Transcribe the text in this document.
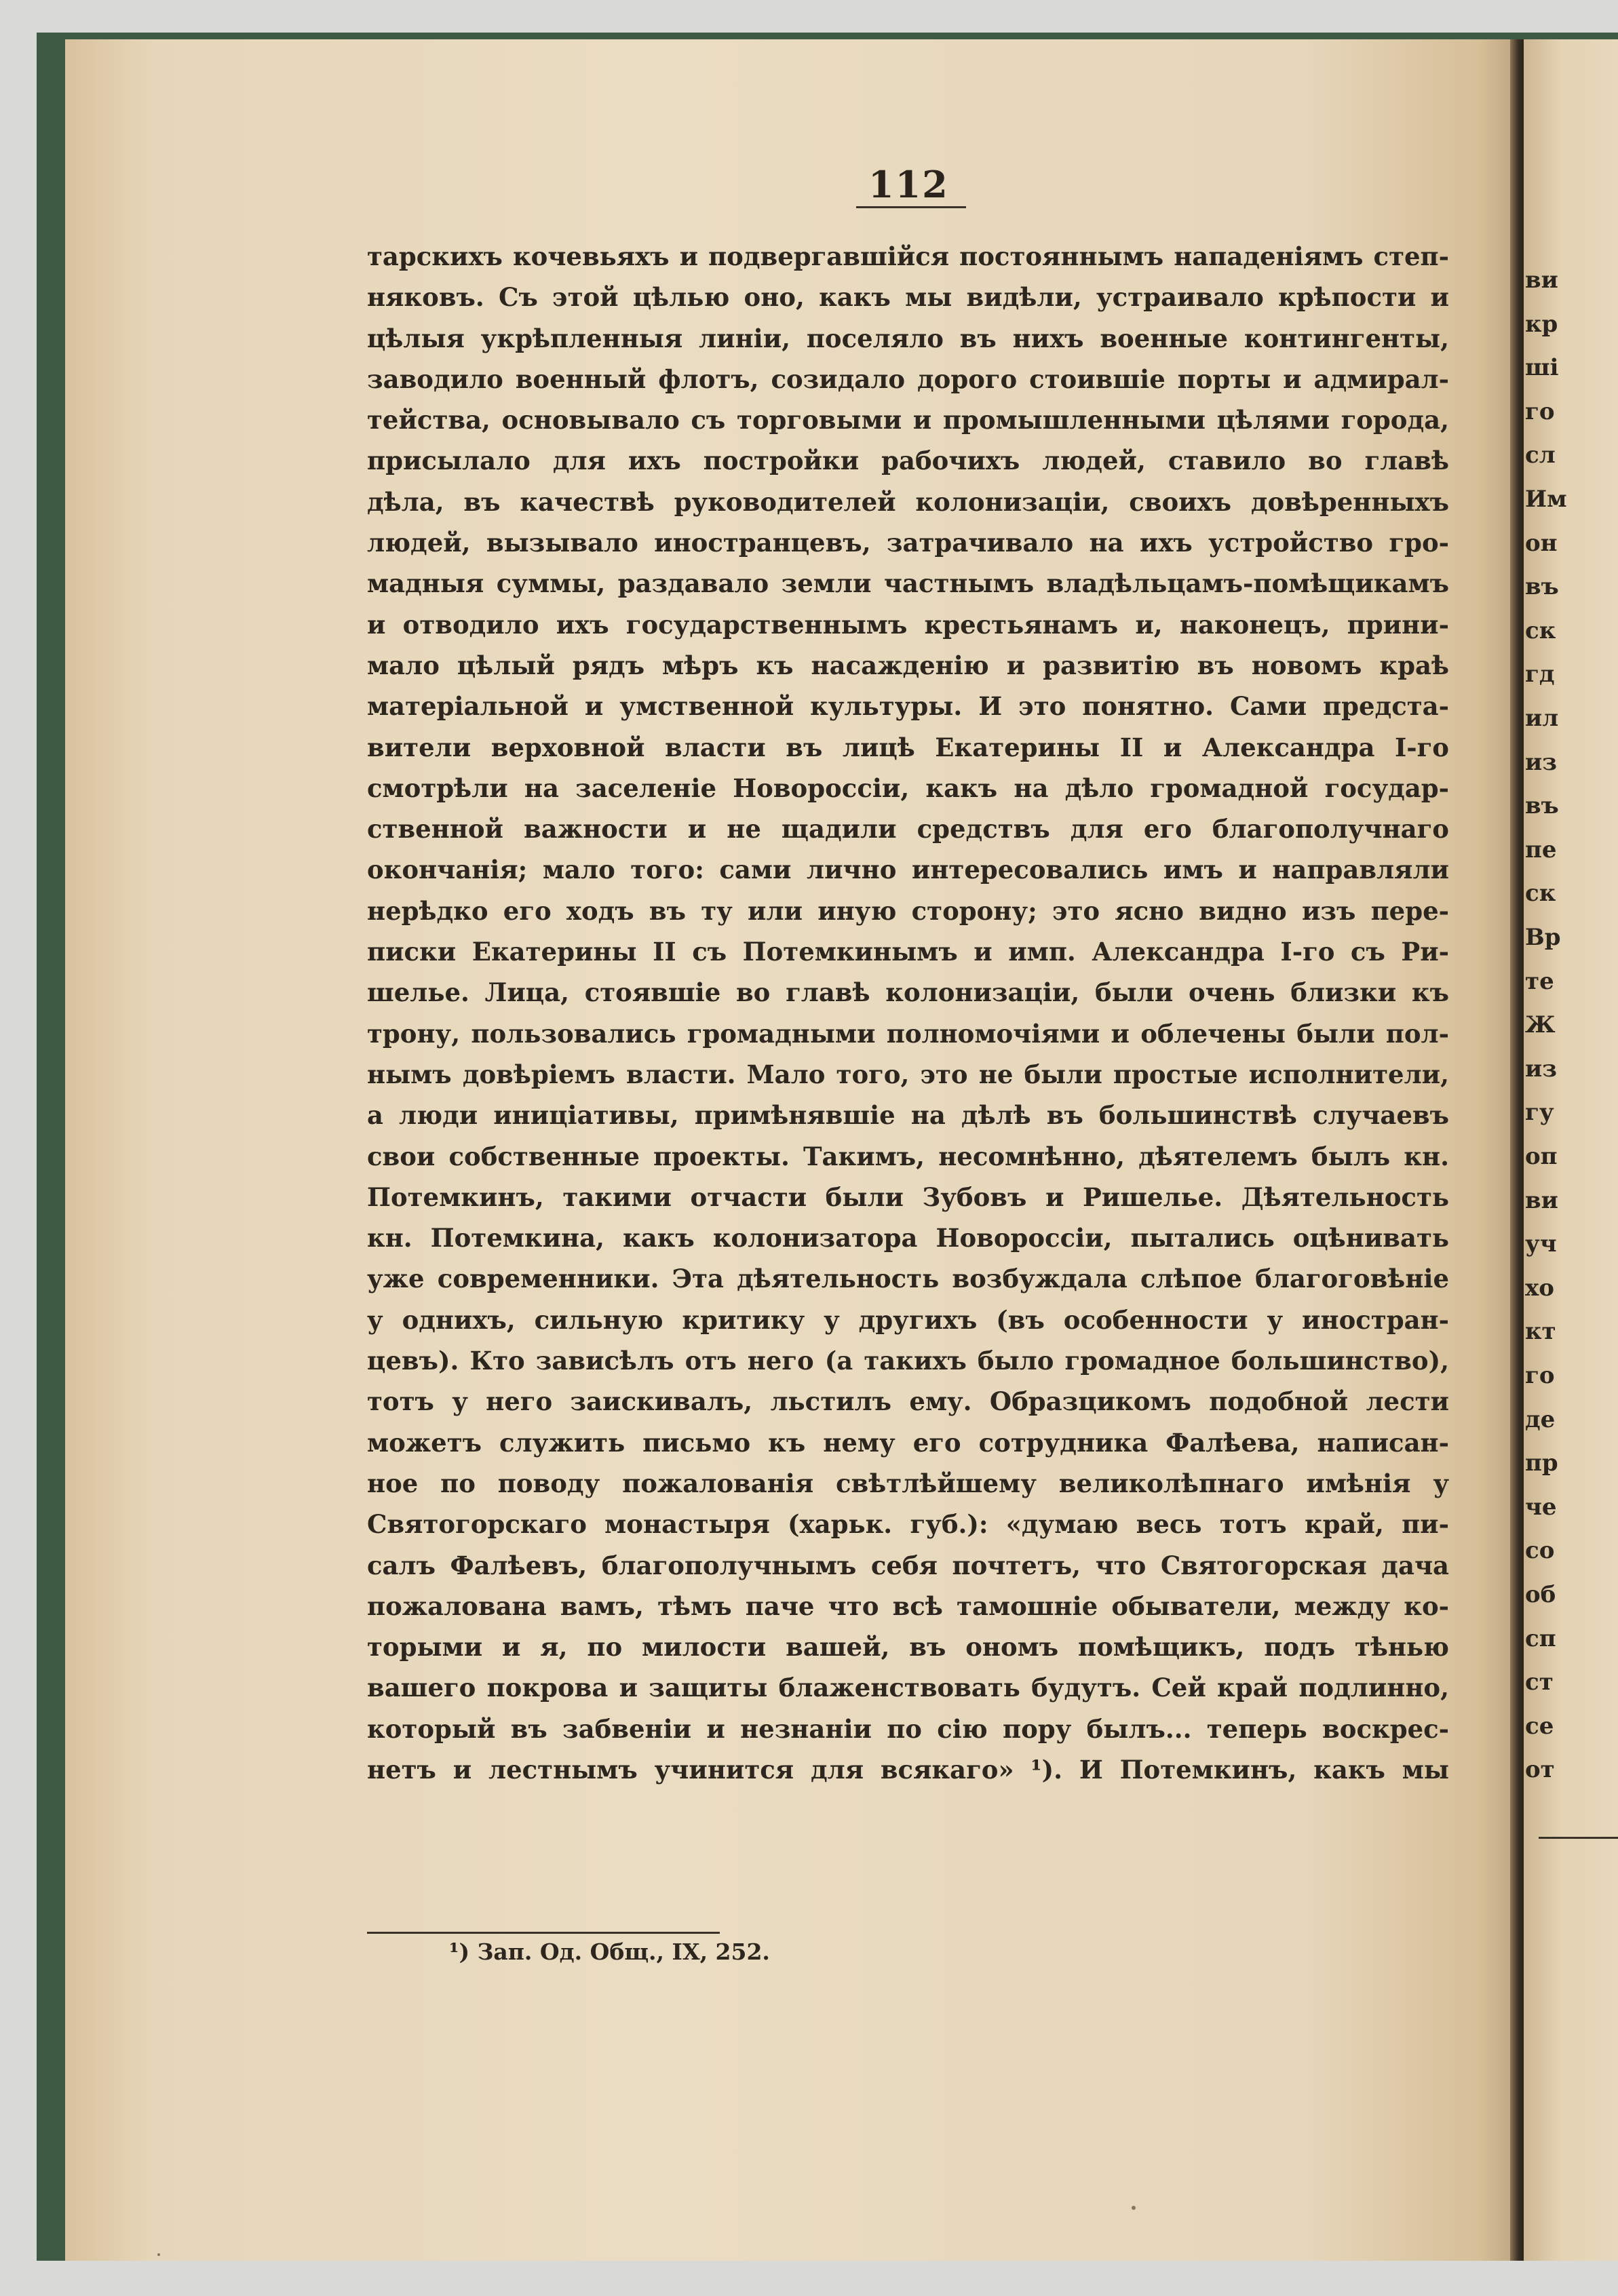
ви
кр
ші
го
сл
Им
он
въ
ск
гд
ил
из
въ
пе
ск
Вр
те
Ж
из
гу
оп
ви
уч
хо
кт
го
де
пр
че
со
об
сп
ст
се
от
112
тарскихъ кочевьяхъ и подвергавшійся постояннымъ нападеніямъ степ-
няковъ. Съ этой цѣлью оно, какъ мы видѣли, устраивало крѣпости и
цѣлыя укрѣпленныя линіи, поселяло въ нихъ военные контингенты,
заводило военный флотъ, созидало дорого стоившіе порты и адмирал-
тейства, основывало съ торговыми и промышленными цѣлями города,
присылало для ихъ постройки рабочихъ людей, ставило во главѣ
дѣла, въ качествѣ руководителей колонизаціи, своихъ довѣренныхъ
людей, вызывало иностранцевъ, затрачивало на ихъ устройство гро-
мадныя суммы, раздавало земли частнымъ владѣльцамъ-помѣщикамъ
и отводило ихъ государственнымъ крестьянамъ и, наконецъ, прини-
мало цѣлый рядъ мѣръ къ насажденію и развитію въ новомъ краѣ
матеріальной и умственной культуры. И это понятно. Сами предста-
вители верховной власти въ лицѣ Екатерины II и Александра I-го
смотрѣли на заселеніе Новороссіи, какъ на дѣло громадной государ-
ственной важности и не щадили средствъ для его благополучнаго
окончанія; мало того: сами лично интересовались имъ и направляли
нерѣдко его ходъ въ ту или иную сторону; это ясно видно изъ пере-
писки Екатерины II съ Потемкинымъ и имп. Александра I-го съ Ри-
шелье. Лица, стоявшіе во главѣ колонизаціи, были очень близки къ
трону, пользовались громадными полномочіями и облечены были пол-
нымъ довѣріемъ власти. Мало того, это не были простые исполнители,
а люди иниціативы, примѣнявшіе на дѣлѣ въ большинствѣ случаевъ
свои собственные проекты. Такимъ, несомнѣнно, дѣятелемъ былъ кн.
Потемкинъ, такими отчасти были Зубовъ и Ришелье. Дѣятельность
кн. Потемкина, какъ колонизатора Новороссіи, пытались оцѣнивать
уже современники. Эта дѣятельность возбуждала слѣпое благоговѣніе
у однихъ, сильную критику у другихъ (въ особенности у иностран-
цевъ). Кто зависѣлъ отъ него (а такихъ было громадное большинство),
тотъ у него заискивалъ, льстилъ ему. Образцикомъ подобной лести
можетъ служить письмо къ нему его сотрудника Фалѣева, написан-
ное по поводу пожалованія свѣтлѣйшему великолѣпнаго имѣнія у
Святогорскаго монастыря (харьк. губ.): «думаю весь тотъ край, пи-
салъ Фалѣевъ, благополучнымъ себя почтетъ, что Святогорская дача
пожалована вамъ, тѣмъ паче что всѣ тамошніе обыватели, между ко-
торыми и я, по милости вашей, въ ономъ помѣщикъ, подъ тѣнью
вашего покрова и защиты блаженствовать будутъ. Сей край подлинно,
который въ забвеніи и незнаніи по сію пору былъ... теперь воскрес-
нетъ и лестнымъ учинится для всякаго» ¹). И Потемкинъ, какъ мы
¹) Зап. Од. Общ., IX, 252.
